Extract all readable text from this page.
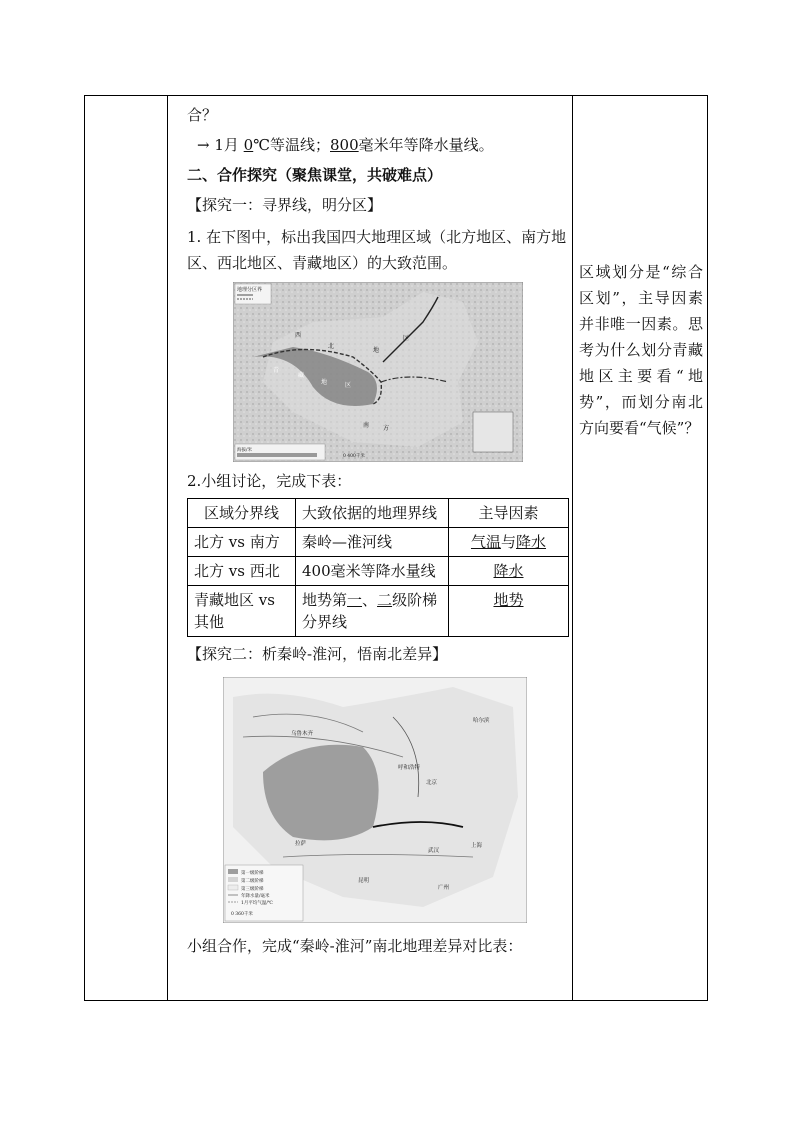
合？

→ 1月 0℃等温线；800毫米年等降水量线。

二、合作探究（聚焦课堂，共破难点）

【探究一：寻界线，明分区】

1. 在下图中，标出我国四大地理区域（北方地区、南方地区、西北地区、青藏地区）的大致范围。

地理分区界
西
北
地
区
青
藏
地	区
南 方
海拔/米
0 400千米

2.小组讨论，完成下表：

区域分界线	大致依据的地理界线	主导因素
北方 vs 南方	秦岭—淮河线	气温与降水
北方 vs 西北	400毫米等降水量线	降水
青藏地区 vs 其他	地势第一、二级阶梯分界线	地势

【探究二：析秦岭-淮河，悟南北差异】

哈尔滨
呼和浩特
北京
拉萨
武汉
上海
广州
昆明
乌鲁木齐
第一级阶梯
第二级阶梯
第三级阶梯
年降水量/毫米
1月平均气温/℃
0 360千米

小组合作，完成“秦岭-淮河”南北地理差异对比表：

区域划分是“综合区划”，主导因素并非唯一因素。思考为什么划分青藏地区主要看“地势”，而划分南北方向要看“气候”？
